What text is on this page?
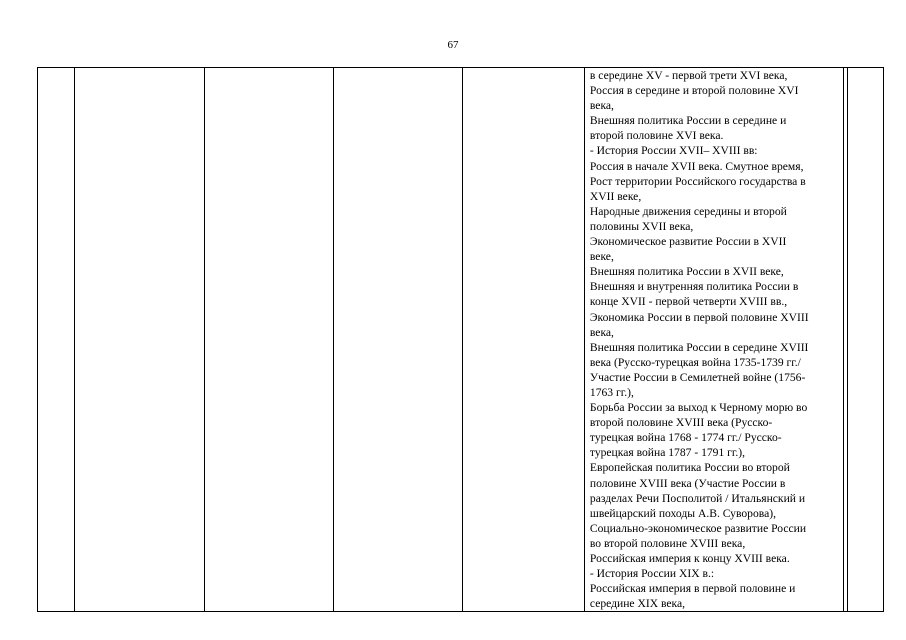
67

в середине XV - первой трети XVI века,
Россия в середине и второй половине XVI
века,
Внешняя политика России в середине и
второй половине XVI века.
- История России XVII– XVIII вв:
Россия в начале XVII века. Смутное время,
Рост территории Российского государства в
XVII веке,
Народные движения середины и второй
половины XVII века,
Экономическое развитие России в XVII
веке,
Внешняя политика России в XVII веке,
Внешняя и внутренняя политика России в
конце XVII - первой четверти XVIII вв.,
Экономика России в первой половине XVIII
века,
Внешняя политика России в середине XVIII
века (Русско-турецкая война 1735-1739 гг./
Участие России в Семилетней войне (1756-
1763 гг.),
Борьба России за выход к Черному морю во
второй половине XVIII века (Русско-
турецкая война 1768 - 1774 гг./ Русско-
турецкая война 1787 - 1791 гг.),
Европейская политика России во второй
половине XVIII века (Участие России в
разделах Речи Посполитой / Итальянский и
швейцарский походы А.В. Суворова),
Социально-экономическое развитие России
во второй половине XVIII века,
Российская империя к концу XVIII века.
- История России XIX в.:
Российская империя в первой половине и
середине XIX века,
